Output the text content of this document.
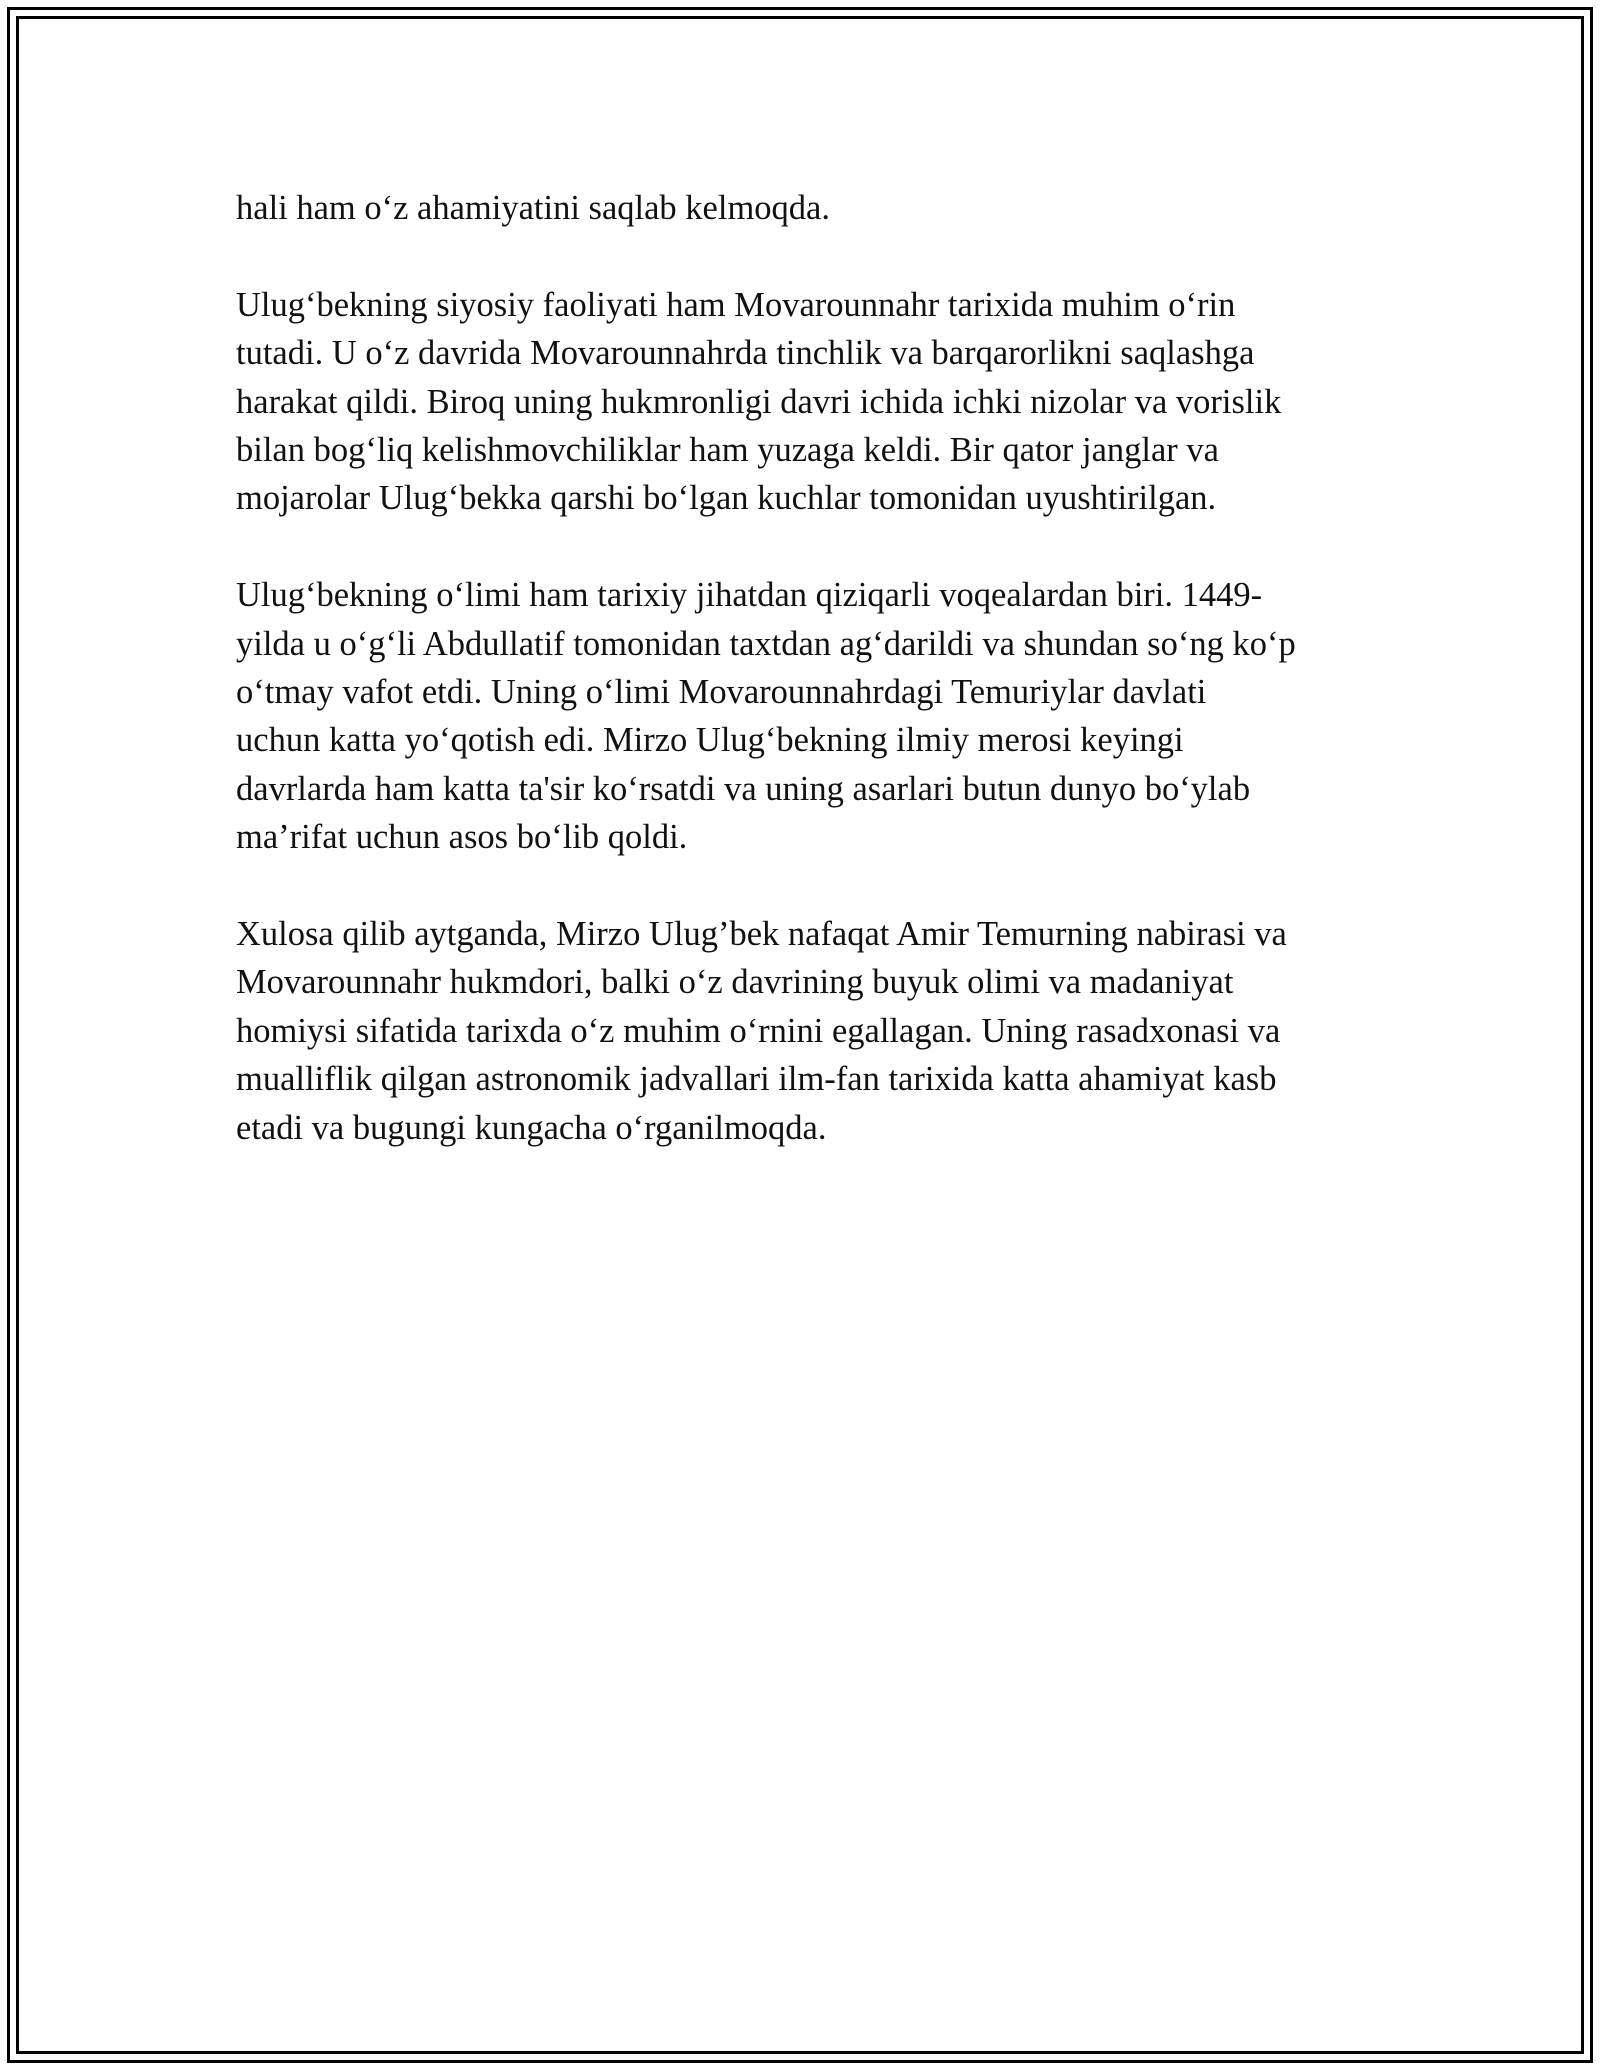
hali ham o‘z ahamiyatini saqlab kelmoqda.

Ulug‘bekning siyosiy faoliyati ham Movarounnahr tarixida muhim o‘rin
tutadi. U o‘z davrida Movarounnahrda tinchlik va barqarorlikni saqlashga
harakat qildi. Biroq uning hukmronligi davri ichida ichki nizolar va vorislik
bilan bog‘liq kelishmovchiliklar ham yuzaga keldi. Bir qator janglar va
mojarolar Ulug‘bekka qarshi bo‘lgan kuchlar tomonidan uyushtirilgan.

Ulug‘bekning o‘limi ham tarixiy jihatdan qiziqarli voqealardan biri. 1449-
yilda u o‘g‘li Abdullatif tomonidan taxtdan ag‘darildi va shundan so‘ng ko‘p
o‘tmay vafot etdi. Uning o‘limi Movarounnahrdagi Temuriylar davlati
uchun katta yo‘qotish edi. Mirzo Ulug‘bekning ilmiy merosi keyingi
davrlarda ham katta ta'sir ko‘rsatdi va uning asarlari butun dunyo bo‘ylab
ma’rifat uchun asos bo‘lib qoldi.

Xulosa qilib aytganda, Mirzo Ulug’bek nafaqat Amir Temurning nabirasi va
Movarounnahr hukmdori, balki o‘z davrining buyuk olimi va madaniyat
homiysi sifatida tarixda o‘z muhim o‘rnini egallagan. Uning rasadxonasi va
mualliflik qilgan astronomik jadvallari ilm-fan tarixida katta ahamiyat kasb
etadi va bugungi kungacha o‘rganilmoqda.
